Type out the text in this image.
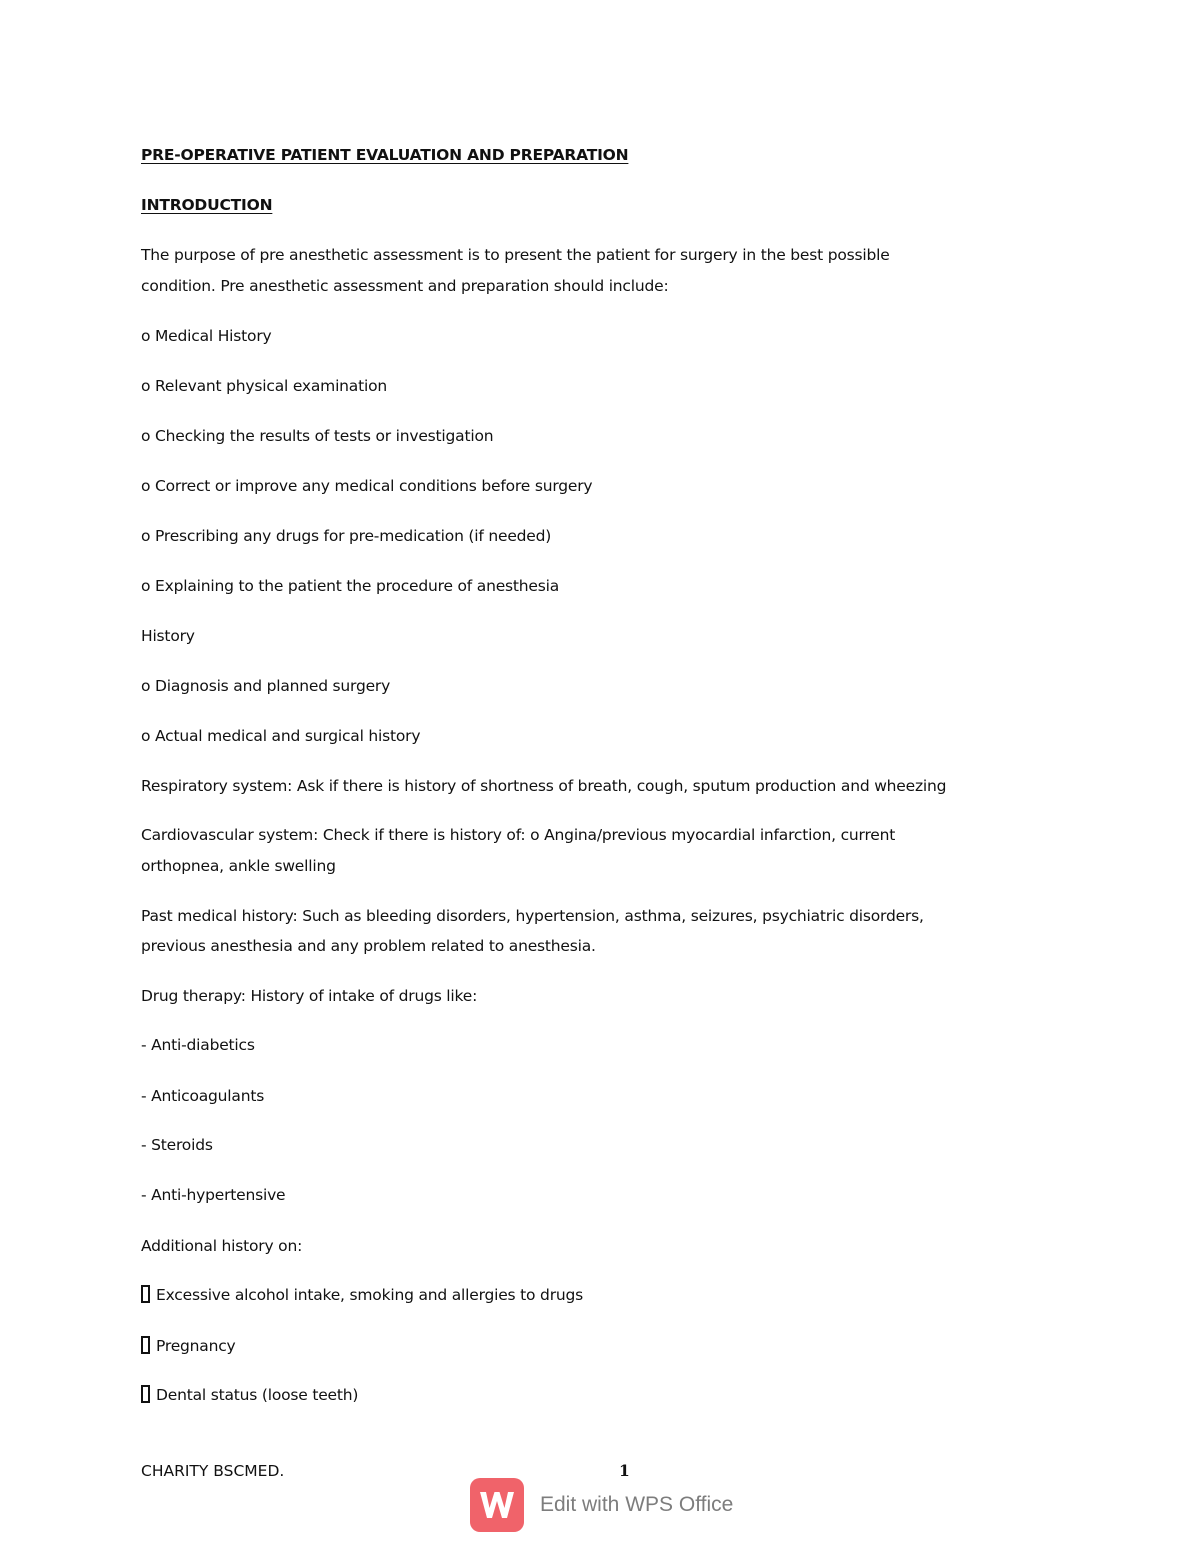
PRE-OPERATIVE PATIENT EVALUATION AND PREPARATION
INTRODUCTION
The purpose of pre anesthetic assessment is to present the patient for surgery in the best possible
condition. Pre anesthetic assessment and preparation should include:
o Medical History
o Relevant physical examination
o Checking the results of tests or investigation
o Correct or improve any medical conditions before surgery
o Prescribing any drugs for pre-medication (if needed)
o Explaining to the patient the procedure of anesthesia
History
o Diagnosis and planned surgery
o Actual medical and surgical history
Respiratory system: Ask if there is history of shortness of breath, cough, sputum production and wheezing
Cardiovascular system: Check if there is history of: o Angina/previous myocardial infarction, current
orthopnea, ankle swelling
Past medical history: Such as bleeding disorders, hypertension, asthma, seizures, psychiatric disorders,
previous anesthesia and any problem related to anesthesia.
Drug therapy: History of intake of drugs like:
- Anti-diabetics
- Anticoagulants
- Steroids
- Anti-hypertensive
Additional history on:
Excessive alcohol intake, smoking and allergies to drugs
Pregnancy
Dental status (loose teeth)
CHARITY BSCMED.	1
Edit with WPS Office
